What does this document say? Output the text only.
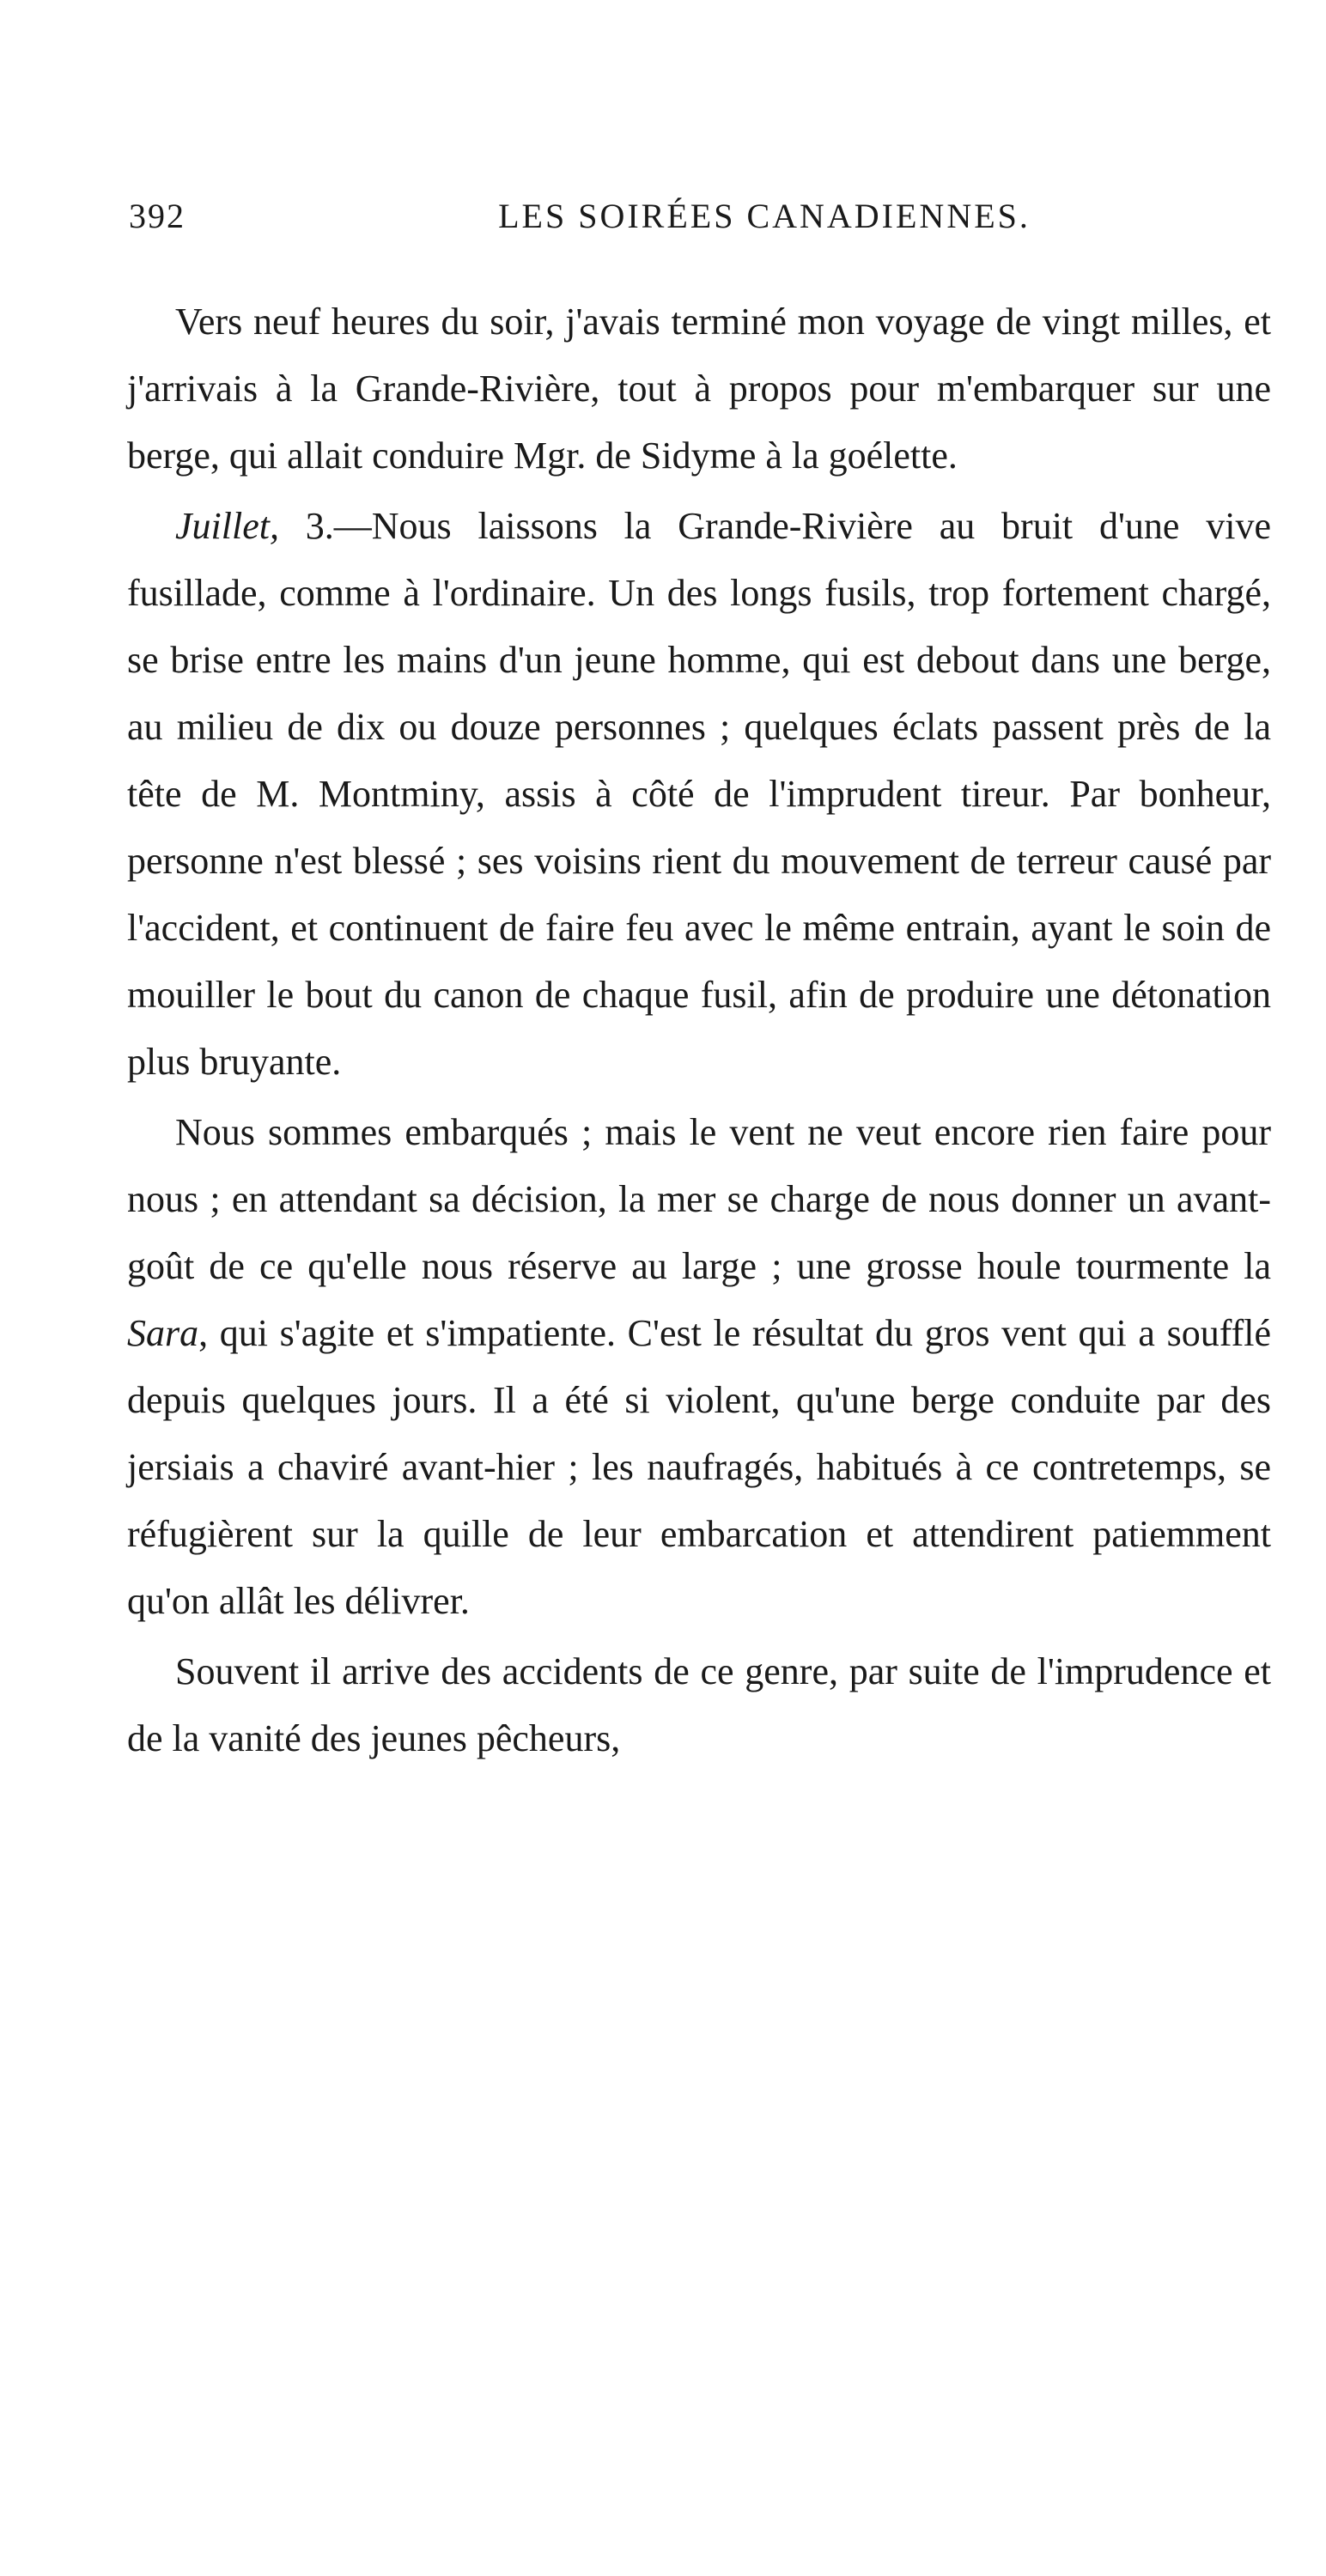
392	LES SOIRÉES CANADIENNES.

Vers neuf heures du soir, j'avais terminé mon voyage de vingt milles, et j'arrivais à la Grande-Rivière, tout à propos pour m'embarquer sur une berge, qui allait conduire Mgr. de Sidyme à la goélette.

Juillet, 3.—Nous laissons la Grande-Rivière au bruit d'une vive fusillade, comme à l'ordinaire. Un des longs fusils, trop fortement chargé, se brise entre les mains d'un jeune homme, qui est debout dans une berge, au milieu de dix ou douze personnes ; quelques éclats passent près de la tête de M. Montminy, assis à côté de l'imprudent tireur. Par bonheur, personne n'est blessé ; ses voisins rient du mouvement de terreur causé par l'accident, et continuent de faire feu avec le même entrain, ayant le soin de mouiller le bout du canon de chaque fusil, afin de produire une détonation plus bruyante.

Nous sommes embarqués ; mais le vent ne veut encore rien faire pour nous ; en attendant sa décision, la mer se charge de nous donner un avant-goût de ce qu'elle nous réserve au large ; une grosse houle tourmente la Sara, qui s'agite et s'impatiente. C'est le résultat du gros vent qui a soufflé depuis quelques jours. Il a été si violent, qu'une berge conduite par des jersiais a chaviré avant-hier ; les naufragés, habitués à ce contretemps, se réfugièrent sur la quille de leur embarcation et attendirent patiemment qu'on allât les délivrer.

Souvent il arrive des accidents de ce genre, par suite de l'imprudence et de la vanité des jeunes pêcheurs,
